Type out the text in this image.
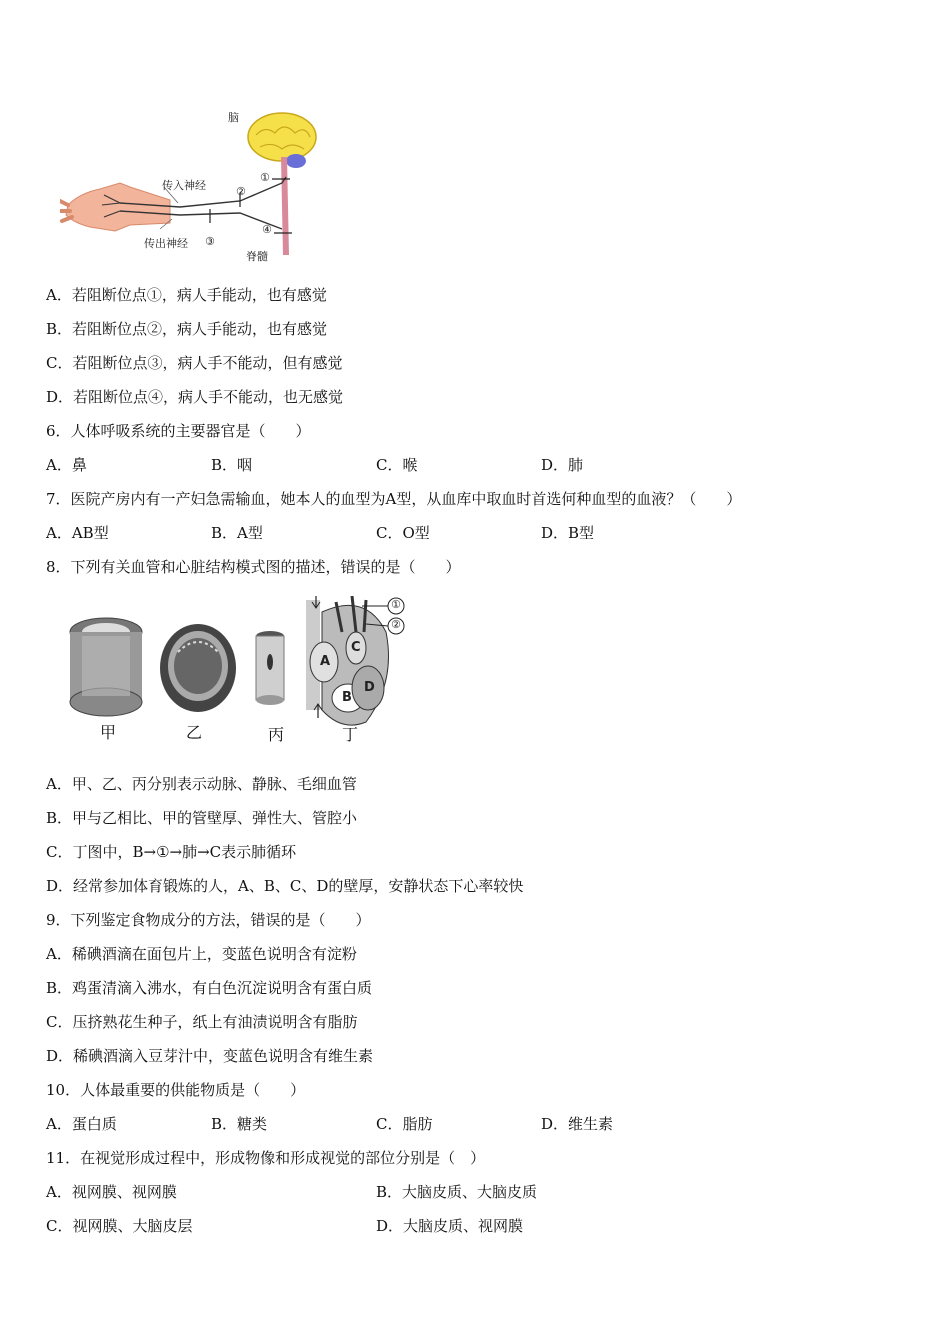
脑
传入神经
传出神经
脊髓
①
②
③
④
A．若阻断位点①，病人手能动，也有感觉
B．若阻断位点②，病人手能动，也有感觉
C．若阻断位点③，病人手不能动，但有感觉
D．若阻断位点④，病人手不能动，也无感觉
6．人体呼吸系统的主要器官是（　　）
A．鼻	B．咽	C．喉	D．肺
7．医院产房内有一产妇急需输血，她本人的血型为A型，从血库中取血时首选何种血型的血液？（　　）
A．AB型	B．A型	C．O型	D．B型
8．下列有关血管和心脏结构模式图的描述，错误的是（　　）
①
②
A
B
C
D
甲	乙	丙	丁
A．甲、乙、丙分别表示动脉、静脉、毛细血管
B．甲与乙相比、甲的管壁厚、弹性大、管腔小
C．丁图中，B→①→肺→C表示肺循环
D．经常参加体育锻炼的人，A、B、C、D的壁厚，安静状态下心率较快
9．下列鉴定食物成分的方法，错误的是（　　）
A．稀碘酒滴在面包片上，变蓝色说明含有淀粉
B．鸡蛋清滴入沸水，有白色沉淀说明含有蛋白质
C．压挤熟花生种子，纸上有油渍说明含有脂肪
D．稀碘酒滴入豆芽汁中，变蓝色说明含有维生素
10．人体最重要的供能物质是（　　）
A．蛋白质	B．糖类	C．脂肪	D．维生素
11．在视觉形成过程中，形成物像和形成视觉的部位分别是（　）
A．视网膜、视网膜	B．大脑皮质、大脑皮质
C．视网膜、大脑皮层	D．大脑皮质、视网膜
